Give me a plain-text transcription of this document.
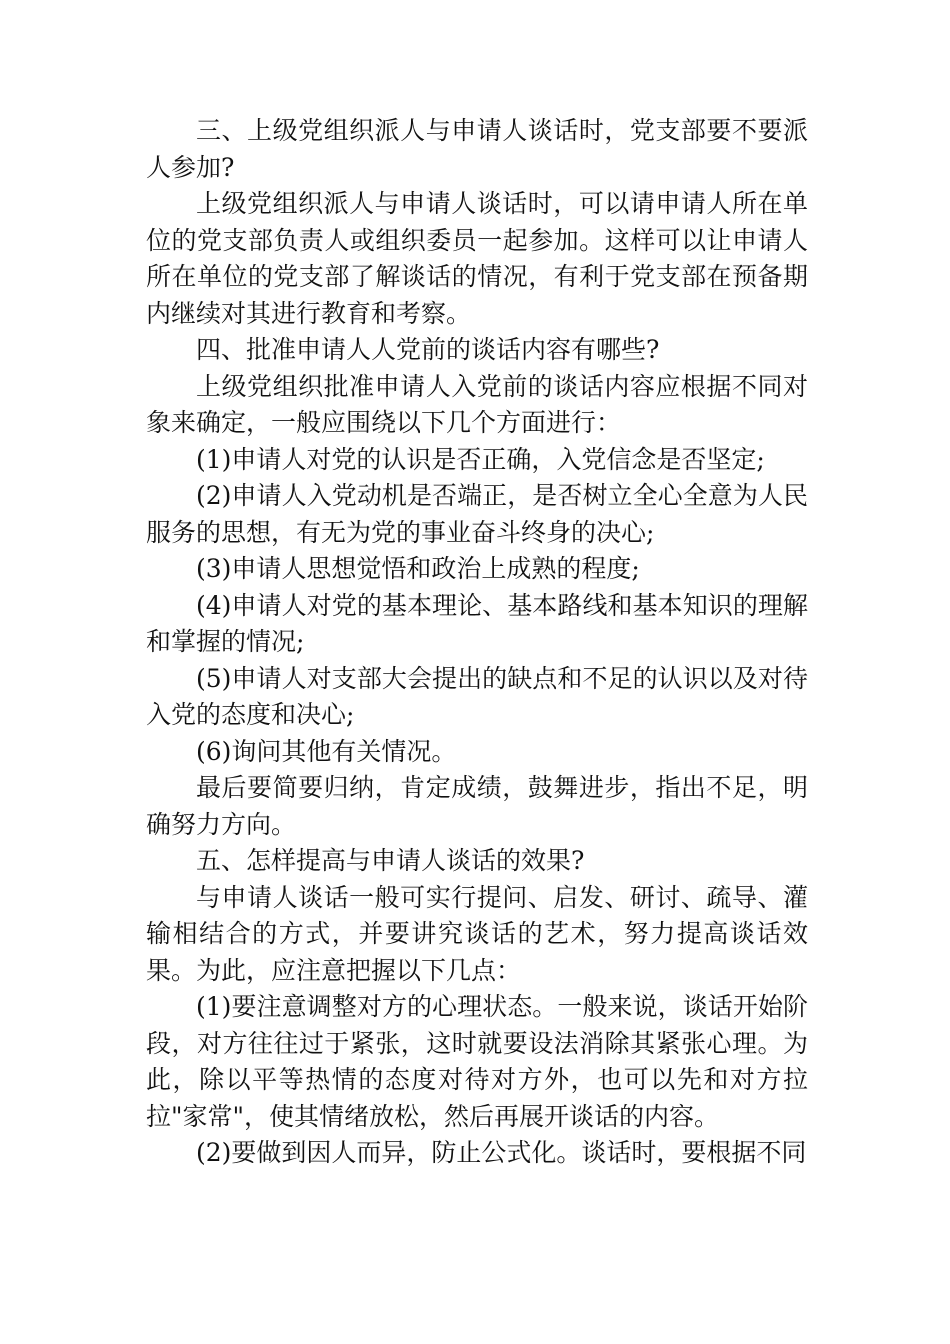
三、上级党组织派人与申请人谈话时，党支部要不要派人参加?

上级党组织派人与申请人谈话时，可以请申请人所在单位的党支部负责人或组织委员一起参加。这样可以让申请人所在单位的党支部了解谈话的情况，有利于党支部在预备期内继续对其进行教育和考察。

四、批准申请人人党前的谈话内容有哪些?

上级党组织批准申请人入党前的谈话内容应根据不同对象来确定，一般应围绕以下几个方面进行：

(1)申请人对党的认识是否正确，入党信念是否坚定;

(2)申请人入党动机是否端正，是否树立全心全意为人民服务的思想，有无为党的事业奋斗终身的决心;

(3)申请人思想觉悟和政治上成熟的程度;

(4)申请人对党的基本理论、基本路线和基本知识的理解和掌握的情况;

(5)申请人对支部大会提出的缺点和不足的认识以及对待入党的态度和决心;

(6)询问其他有关情况。

最后要简要归纳，肯定成绩，鼓舞进步，指出不足，明确努力方向。

五、怎样提高与申请人谈话的效果?

与申请人谈话一般可实行提问、启发、研讨、疏导、灌输相结合的方式，并要讲究谈话的艺术，努力提高谈话效果。为此，应注意把握以下几点：

(1)要注意调整对方的心理状态。一般来说，谈话开始阶段，对方往往过于紧张，这时就要设法消除其紧张心理。为此，除以平等热情的态度对待对方外，也可以先和对方拉拉"家常"，使其情绪放松，然后再展开谈话的内容。

(2)要做到因人而异，防止公式化。谈话时，要根据不同
